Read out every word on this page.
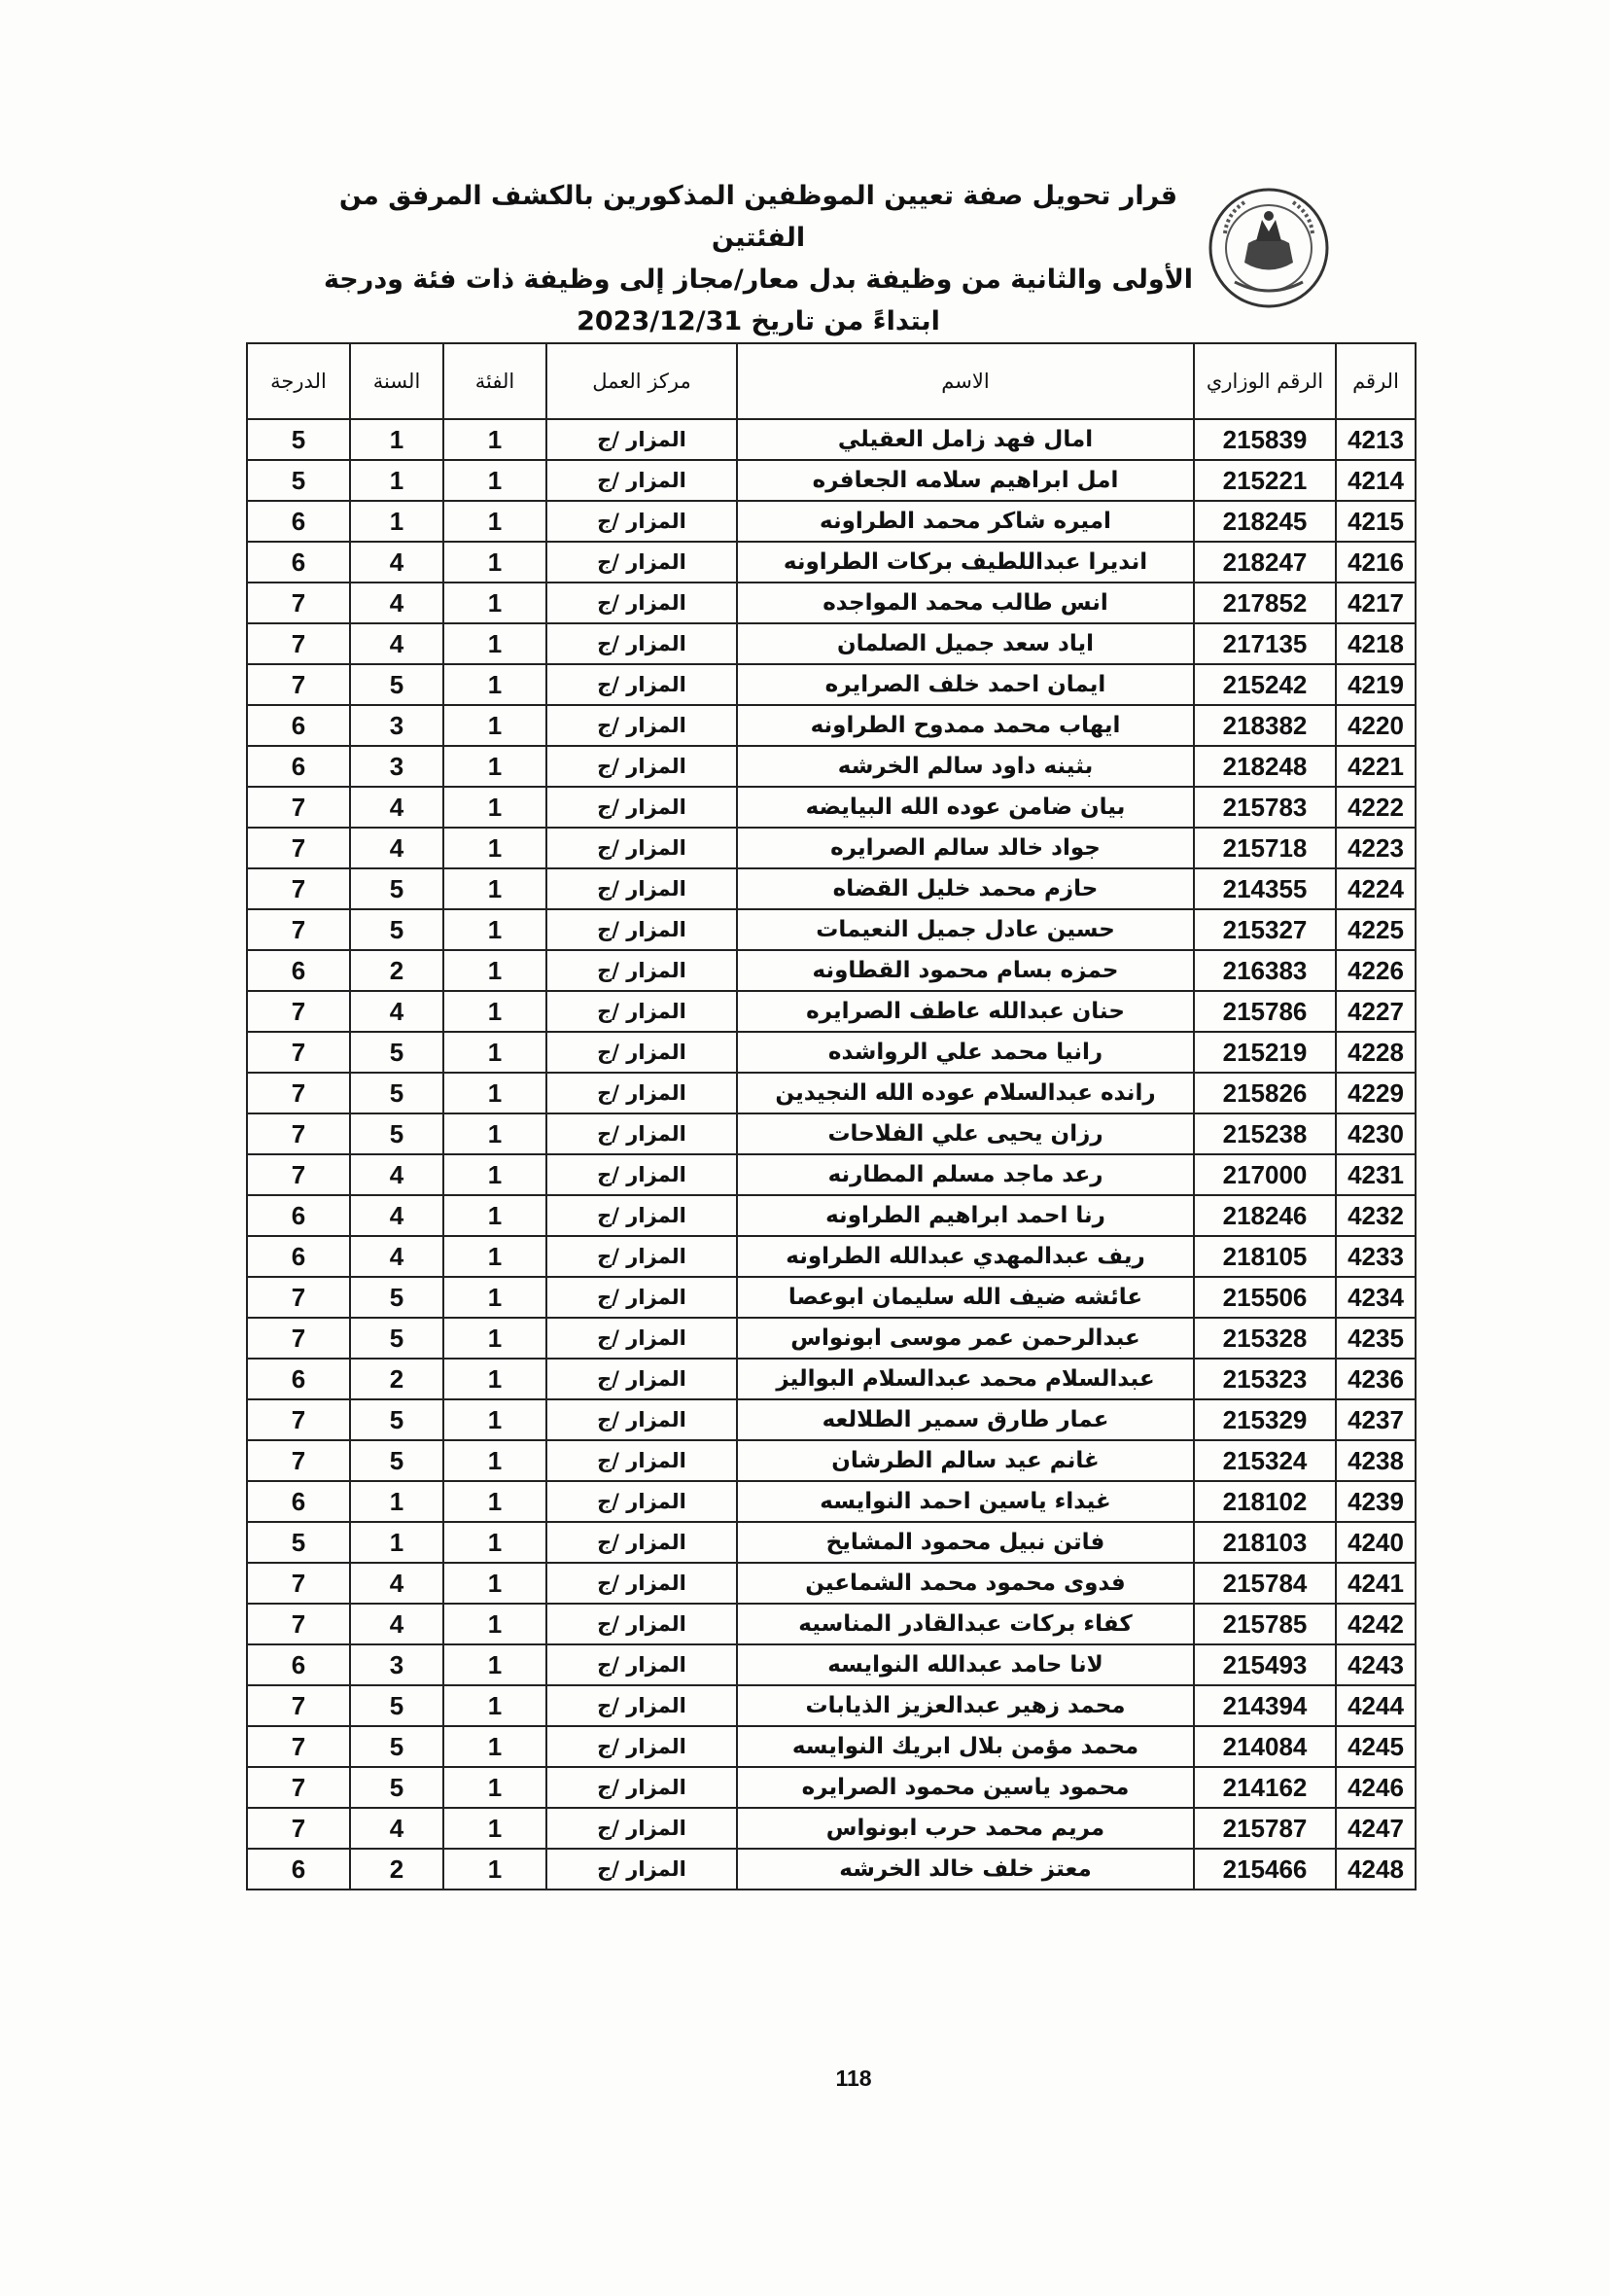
قرار تحويل صفة تعيين الموظفين المذكورين بالكشف المرفق من الفئتين
الأولى والثانية من وظيفة بدل معار/مجاز إلى وظيفة ذات فئة ودرجة

ابتداءً من تاريخ 2023/12/31
الرقم	الرقم الوزاري	الاسم	مركز العمل	الفئة	السنة	الدرجة
4213	215839	امال فهد زامل العقيلي	المزار /ج	1	1	5
4214	215221	امل ابراهيم سلامه الجعافره	المزار /ج	1	1	5
4215	218245	اميره شاكر محمد الطراونه	المزار /ج	1	1	6
4216	218247	انديرا عبداللطيف بركات الطراونه	المزار /ج	1	4	6
4217	217852	انس طالب محمد المواجده	المزار /ج	1	4	7
4218	217135	اياد سعد جميل الصلمان	المزار /ج	1	4	7
4219	215242	ايمان احمد خلف الصرايره	المزار /ج	1	5	7
4220	218382	ايهاب محمد ممدوح الطراونه	المزار /ج	1	3	6
4221	218248	بثينه داود سالم الخرشه	المزار /ج	1	3	6
4222	215783	بيان ضامن عوده الله البيايضه	المزار /ج	1	4	7
4223	215718	جواد خالد سالم الصرايره	المزار /ج	1	4	7
4224	214355	حازم محمد خليل القضاه	المزار /ج	1	5	7
4225	215327	حسين عادل جميل النعيمات	المزار /ج	1	5	7
4226	216383	حمزه بسام محمود القطاونه	المزار /ج	1	2	6
4227	215786	حنان عبدالله عاطف الصرايره	المزار /ج	1	4	7
4228	215219	رانيا محمد علي الرواشده	المزار /ج	1	5	7
4229	215826	رانده عبدالسلام عوده الله النجيدين	المزار /ج	1	5	7
4230	215238	رزان يحيى علي الفلاحات	المزار /ج	1	5	7
4231	217000	رعد ماجد مسلم المطارنه	المزار /ج	1	4	7
4232	218246	رنا احمد ابراهيم الطراونه	المزار /ج	1	4	6
4233	218105	ريف عبدالمهدي عبدالله الطراونه	المزار /ج	1	4	6
4234	215506	عائشه ضيف الله سليمان ابوعصا	المزار /ج	1	5	7
4235	215328	عبدالرحمن عمر موسى ابونواس	المزار /ج	1	5	7
4236	215323	عبدالسلام محمد عبدالسلام البواليز	المزار /ج	1	2	6
4237	215329	عمار طارق سمير الطلالعه	المزار /ج	1	5	7
4238	215324	غانم عيد سالم الطرشان	المزار /ج	1	5	7
4239	218102	غيداء ياسين احمد النوايسه	المزار /ج	1	1	6
4240	218103	فاتن نبيل محمود المشايخ	المزار /ج	1	1	5
4241	215784	فدوى محمود محمد الشماعين	المزار /ج	1	4	7
4242	215785	كفاء بركات عبدالقادر المناسيه	المزار /ج	1	4	7
4243	215493	لانا حامد عبدالله النوايسه	المزار /ج	1	3	6
4244	214394	محمد زهير عبدالعزيز الذيابات	المزار /ج	1	5	7
4245	214084	محمد مؤمن بلال ابريك النوايسه	المزار /ج	1	5	7
4246	214162	محمود ياسين محمود الصرايره	المزار /ج	1	5	7
4247	215787	مريم محمد حرب ابونواس	المزار /ج	1	4	7
4248	215466	معتز خلف خالد الخرشه	المزار /ج	1	2	6
118
